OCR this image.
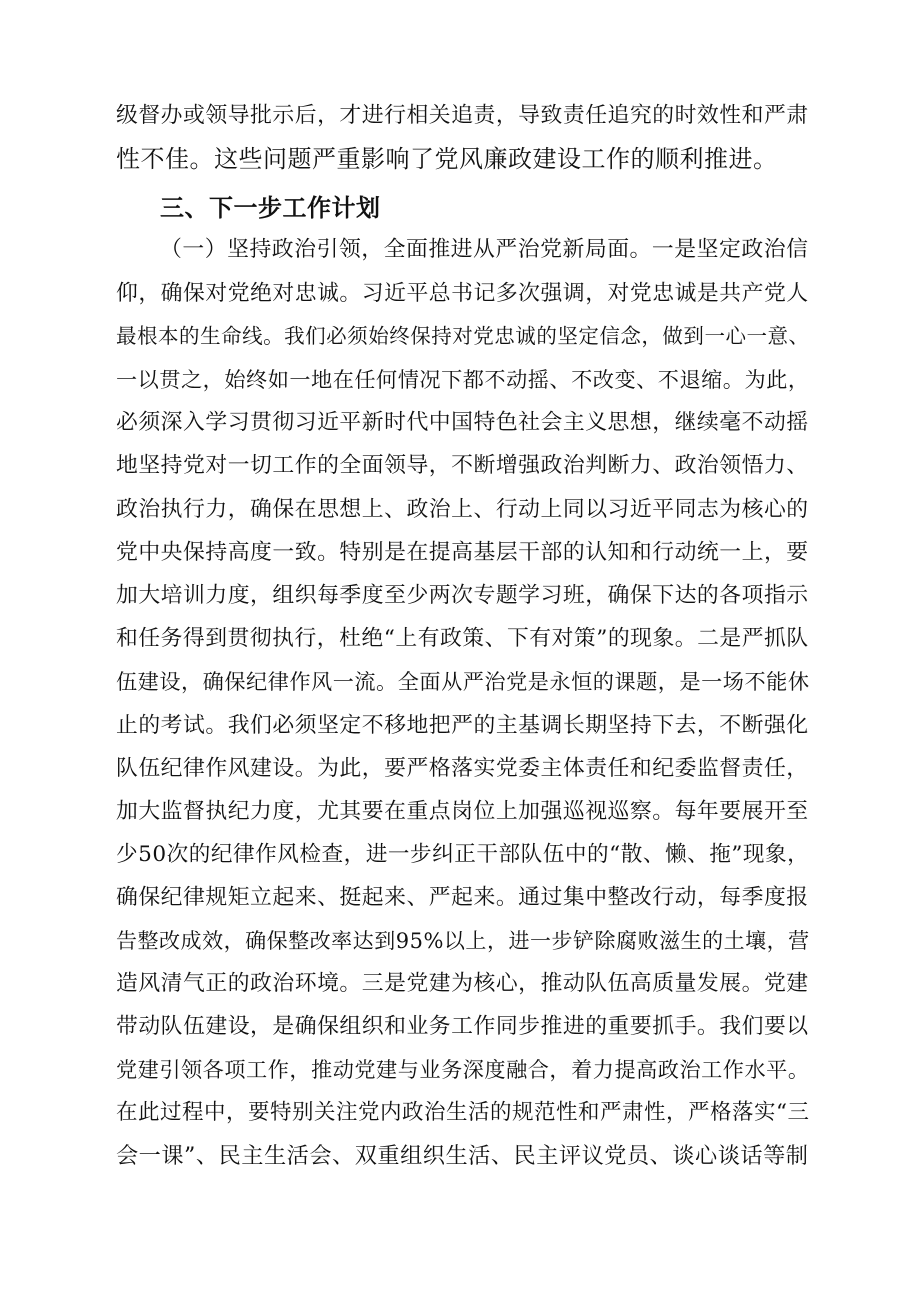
级督办或领导批示后，才进行相关追责，导致责任追究的时效性和严肃
性不佳。这些问题严重影响了党风廉政建设工作的顺利推进。
三、下一步工作计划
（一）坚持政治引领，全面推进从严治党新局面。一是坚定政治信
仰，确保对党绝对忠诚。习近平总书记多次强调，对党忠诚是共产党人
最根本的生命线。我们必须始终保持对党忠诚的坚定信念，做到一心一意、
一以贯之，始终如一地在任何情况下都不动摇、不改变、不退缩。为此，
必须深入学习贯彻习近平新时代中国特色社会主义思想，继续毫不动摇
地坚持党对一切工作的全面领导，不断增强政治判断力、政治领悟力、
政治执行力，确保在思想上、政治上、行动上同以习近平同志为核心的
党中央保持高度一致。特别是在提高基层干部的认知和行动统一上，要
加大培训力度，组织每季度至少两次专题学习班，确保下达的各项指示
和任务得到贯彻执行，杜绝“上有政策、下有对策”的现象。二是严抓队
伍建设，确保纪律作风一流。全面从严治党是永恒的课题，是一场不能休
止的考试。我们必须坚定不移地把严的主基调长期坚持下去，不断强化
队伍纪律作风建设。为此，要严格落实党委主体责任和纪委监督责任，
加大监督执纪力度，尤其要在重点岗位上加强巡视巡察。每年要展开至
少50次的纪律作风检查，进一步纠正干部队伍中的“散、懒、拖”现象，
确保纪律规矩立起来、挺起来、严起来。通过集中整改行动，每季度报
告整改成效，确保整改率达到95%以上，进一步铲除腐败滋生的土壤，营
造风清气正的政治环境。三是党建为核心，推动队伍高质量发展。党建
带动队伍建设，是确保组织和业务工作同步推进的重要抓手。我们要以
党建引领各项工作，推动党建与业务深度融合，着力提高政治工作水平。
在此过程中，要特别关注党内政治生活的规范性和严肃性，严格落实“三
会一课”、民主生活会、双重组织生活、民主评议党员、谈心谈话等制
